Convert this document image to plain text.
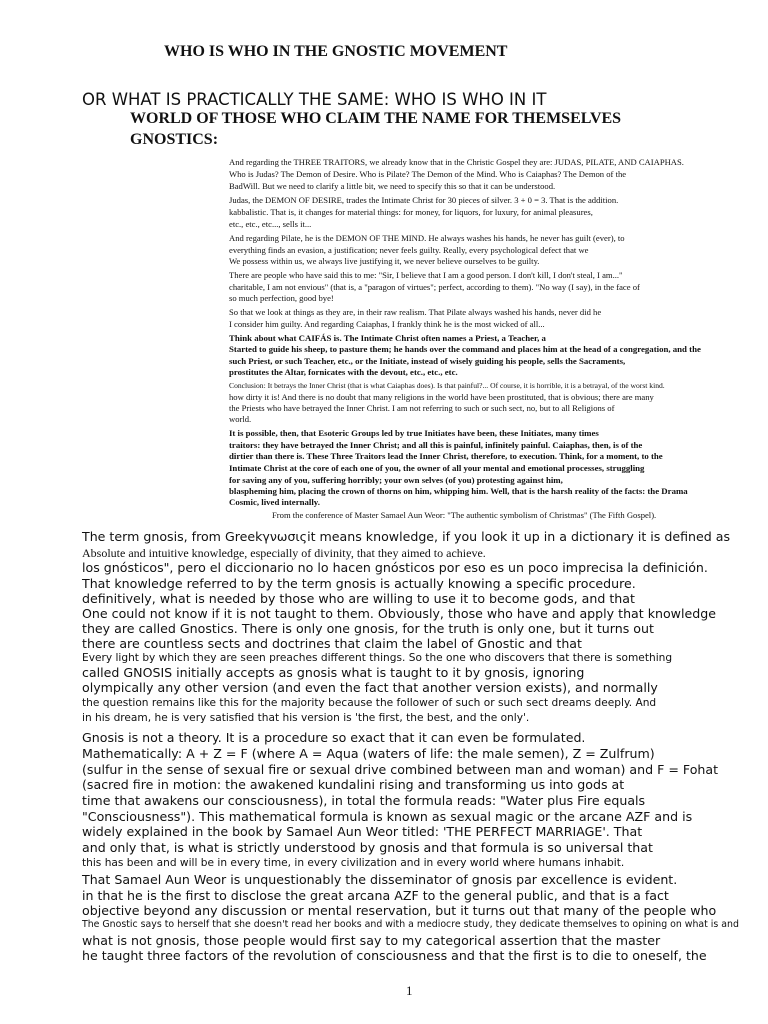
WHO IS WHO IN THE GNOSTIC MOVEMENT
OR WHAT IS PRACTICALLY THE SAME: WHO IS WHO IN IT
WORLD OF THOSE WHO CLAIM THE NAME FOR THEMSELVES
GNOSTICS:
And regarding the THREE TRAITORS, we already know that in the Christic Gospel they are: JUDAS, PILATE, AND CAIAPHAS.
Who is Judas? The Demon of Desire. Who is Pilate? The Demon of the Mind. Who is Caiaphas? The Demon of the
BadWill. But we need to clarify a little bit, we need to specify this so that it can be understood.
Judas, the DEMON OF DESIRE, trades the Intimate Christ for 30 pieces of silver. 3 + 0 = 3. That is the addition.
kabbalistic. That is, it changes for material things: for money, for liquors, for luxury, for animal pleasures,
etc., etc., etc..., sells it...
And regarding Pilate, he is the DEMON OF THE MIND. He always washes his hands, he never has guilt (ever), to
everything finds an evasion, a justification; never feels guilty. Really, every psychological defect that we
We possess within us, we always live justifying it, we never believe ourselves to be guilty.
There are people who have said this to me: "Sir, I believe that I am a good person. I don't kill, I don't steal, I am..."
charitable, I am not envious" (that is, a "paragon of virtues"; perfect, according to them). "No way (I say), in the face of
so much perfection, good bye!
So that we look at things as they are, in their raw realism. That Pilate always washed his hands, never did he
I consider him guilty. And regarding Caiaphas, I frankly think he is the most wicked of all...
Think about what CAIFÁS is. The Intimate Christ often names a Priest, a Teacher, a
Started to guide his sheep, to pasture them; he hands over the command and places him at the head of a congregation, and the
such Priest, or such Teacher, etc., or the Initiate, instead of wisely guiding his people, sells the Sacraments,
prostitutes the Altar, fornicates with the devout, etc., etc., etc.
Conclusion: It betrays the Inner Christ (that is what Caiaphas does). Is that painful?... Of course, it is horrible, it is a betrayal, of the worst kind.
how dirty it is! And there is no doubt that many religions in the world have been prostituted, that is obvious; there are many
the Priests who have betrayed the Inner Christ. I am not referring to such or such sect, no, but to all Religions of
world.
It is possible, then, that Esoteric Groups led by true Initiates have been, these Initiates, many times
traitors: they have betrayed the Inner Christ; and all this is painful, infinitely painful. Caiaphas, then, is of the
dirtier than there is. These Three Traitors lead the Inner Christ, therefore, to execution. Think, for a moment, to the
Intimate Christ at the core of each one of you, the owner of all your mental and emotional processes, struggling
for saving any of you, suffering horribly; your own selves (of you) protesting against him,
blaspheming him, placing the crown of thorns on him, whipping him. Well, that is the harsh reality of the facts: the Drama
Cosmic, lived internally.
From the conference of Master Samael Aun Weor: "The authentic symbolism of Christmas" (The Fifth Gospel).
The term gnosis, from Greekγνωσιςit means knowledge, if you look it up in a dictionary it is defined as
Absolute and intuitive knowledge, especially of divinity, that they aimed to achieve.
los gnósticos", pero el diccionario no lo hacen gnósticos por eso es un poco imprecisa la definición.
That knowledge referred to by the term gnosis is actually knowing a specific procedure.
definitively, what is needed by those who are willing to use it to become gods, and that
One could not know if it is not taught to them. Obviously, those who have and apply that knowledge
they are called Gnostics. There is only one gnosis, for the truth is only one, but it turns out
there are countless sects and doctrines that claim the label of Gnostic and that
Every light by which they are seen preaches different things. So the one who discovers that there is something
called GNOSIS initially accepts as gnosis what is taught to it by gnosis, ignoring
olympically any other version (and even the fact that another version exists), and normally
the question remains like this for the majority because the follower of such or such sect dreams deeply. And
in his dream, he is very satisfied that his version is 'the first, the best, and the only'.
Gnosis is not a theory. It is a procedure so exact that it can even be formulated.
Mathematically: A + Z = F (where A = Aqua (waters of life: the male semen), Z = Zulfrum)
(sulfur in the sense of sexual fire or sexual drive combined between man and woman) and F = Fohat
(sacred fire in motion: the awakened kundalini rising and transforming us into gods at
time that awakens our consciousness), in total the formula reads: "Water plus Fire equals
"Consciousness"). This mathematical formula is known as sexual magic or the arcane AZF and is
widely explained in the book by Samael Aun Weor titled: 'THE PERFECT MARRIAGE'. That
and only that, is what is strictly understood by gnosis and that formula is so universal that
this has been and will be in every time, in every civilization and in every world where humans inhabit.
That Samael Aun Weor is unquestionably the disseminator of gnosis par excellence is evident.
in that he is the first to disclose the great arcana AZF to the general public, and that is a fact
objective beyond any discussion or mental reservation, but it turns out that many of the people who
The Gnostic says to herself that she doesn't read her books and with a mediocre study, they dedicate themselves to opining on what is and
what is not gnosis, those people would first say to my categorical assertion that the master
he taught three factors of the revolution of consciousness and that the first is to die to oneself, the
1
